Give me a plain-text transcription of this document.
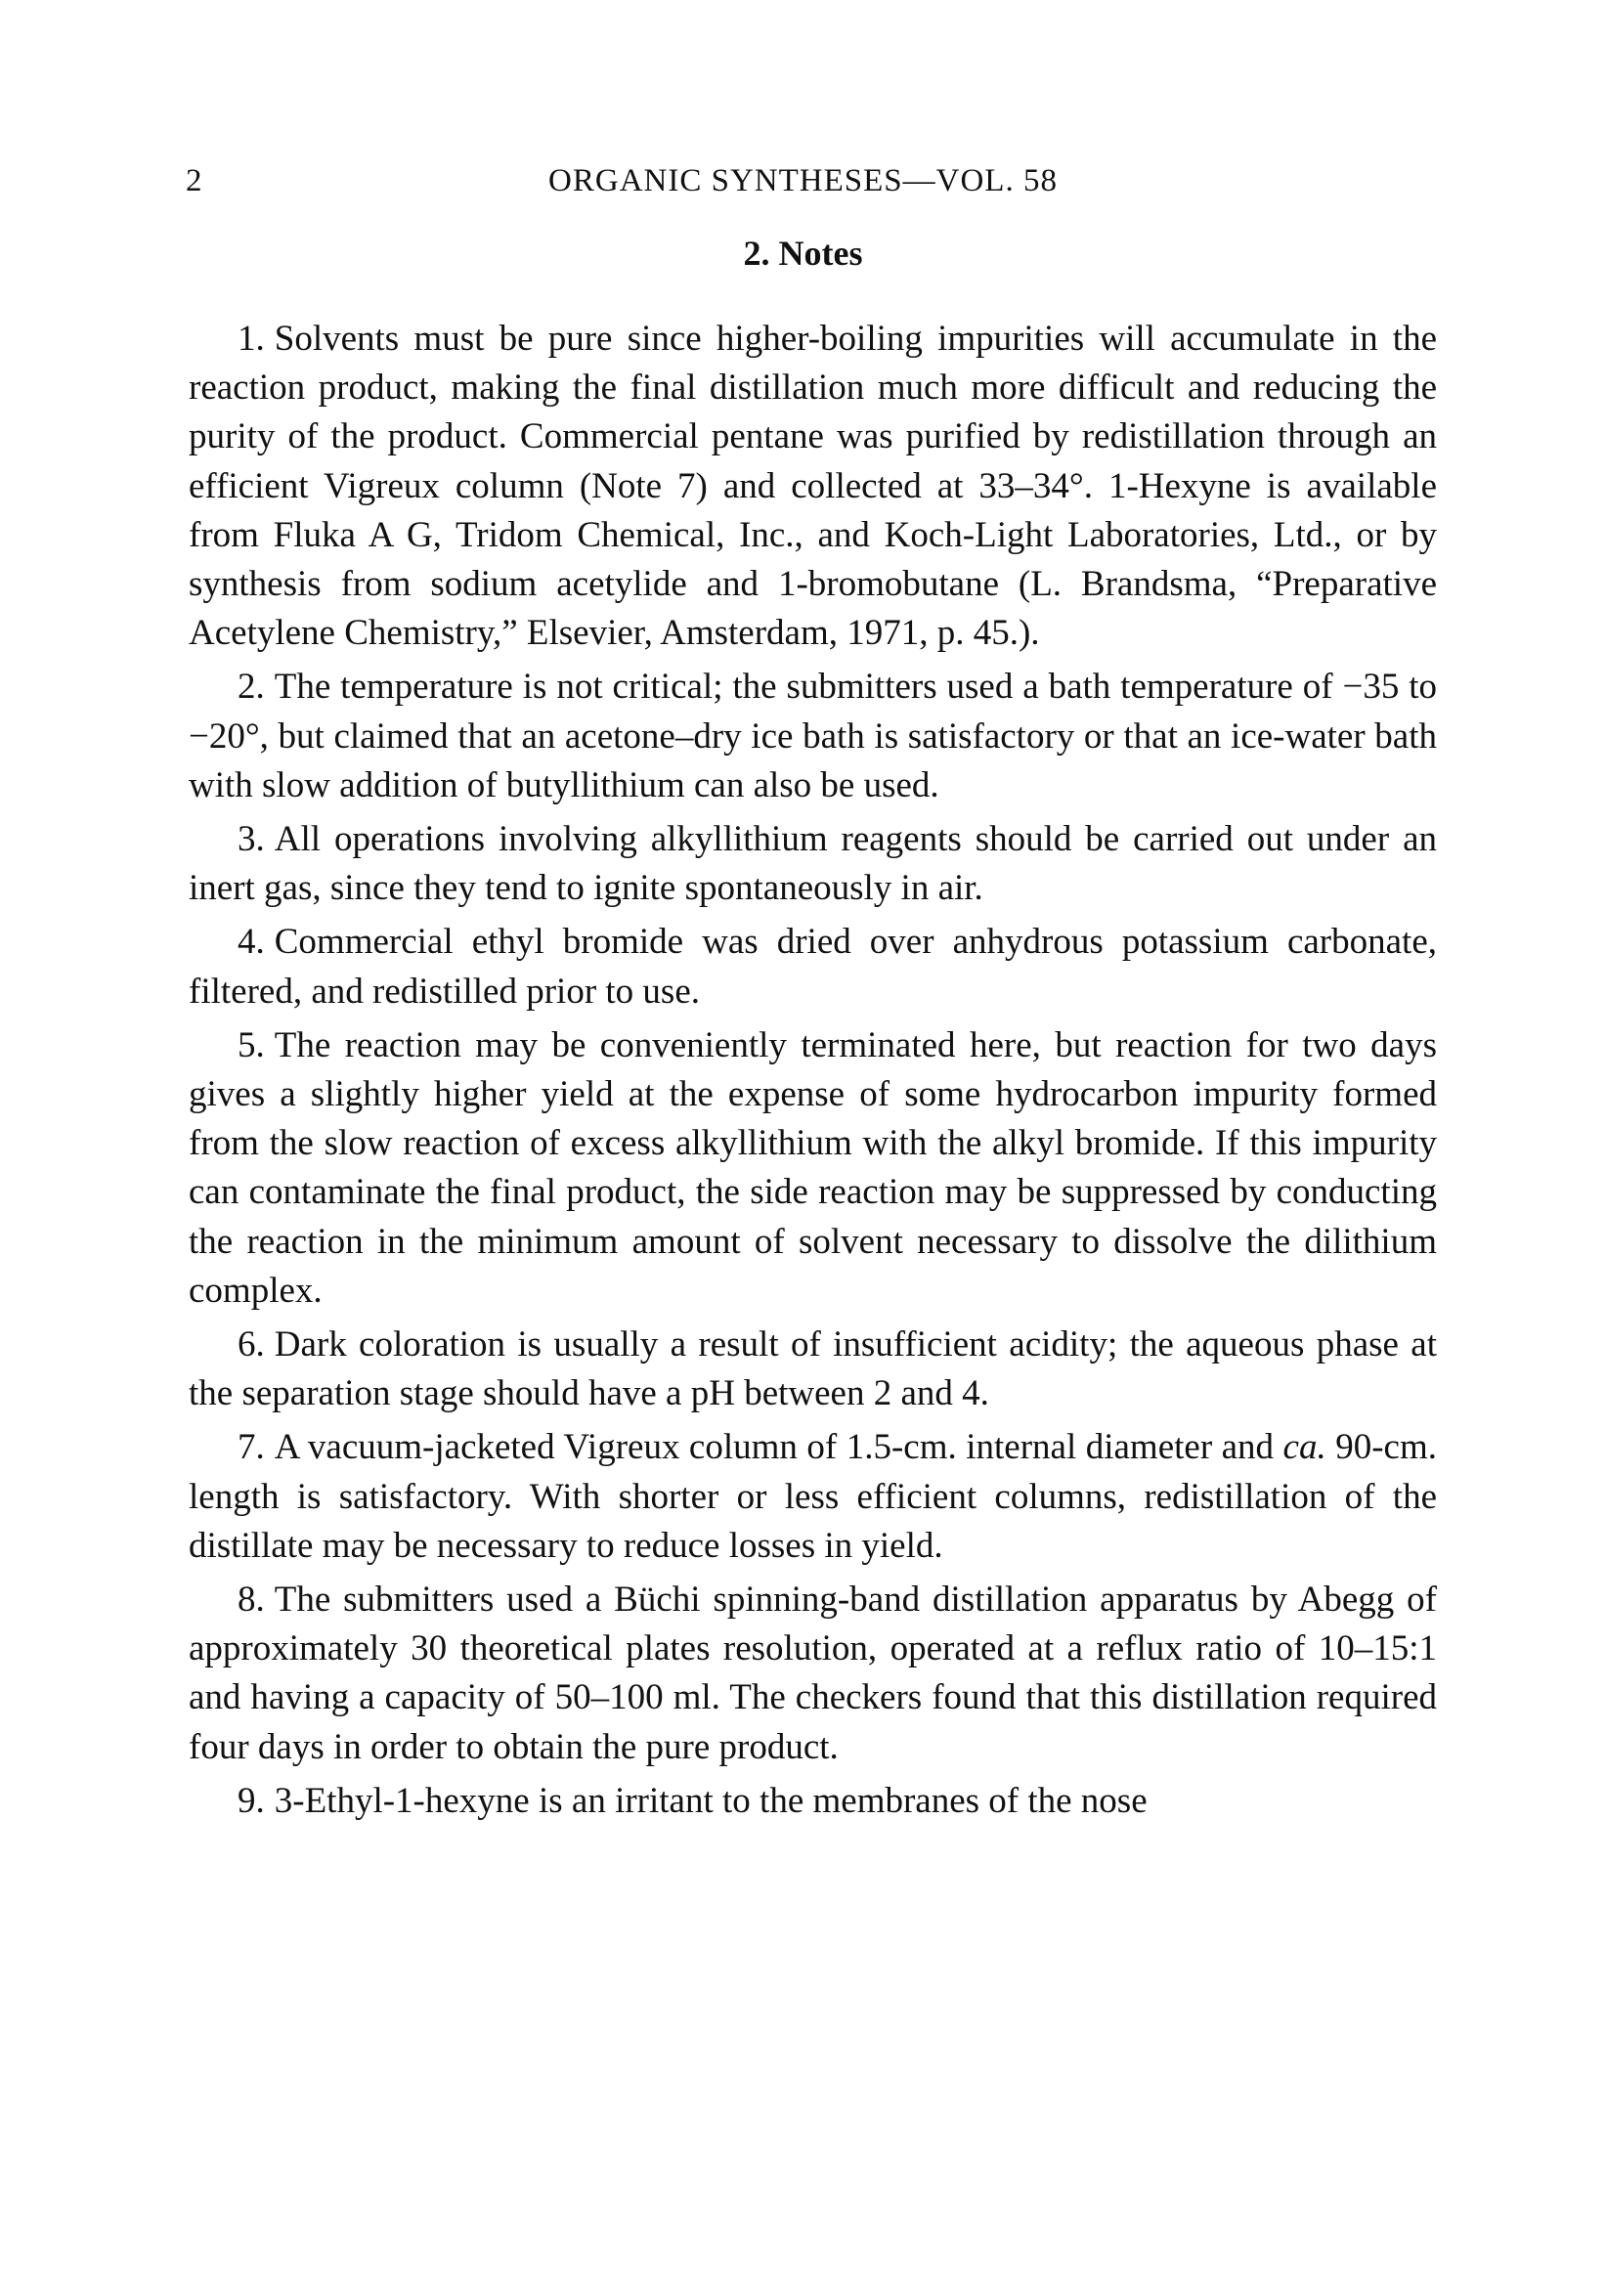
2	ORGANIC SYNTHESES—VOL. 58
2. Notes

1. Solvents must be pure since higher-boiling impurities will accumulate in the reaction product, making the final distillation much more difficult and reducing the purity of the product. Commercial pentane was purified by redistillation through an efficient Vigreux column (Note 7) and collected at 33–34°. 1-Hexyne is available from Fluka A G, Tridom Chemical, Inc., and Koch-Light Laboratories, Ltd., or by synthesis from sodium acetylide and 1-bromobutane (L. Brandsma, “Preparative Acetylene Chemistry,” Elsevier, Amsterdam, 1971, p. 45.).

2. The temperature is not critical; the submitters used a bath temperature of −35 to −20°, but claimed that an acetone–dry ice bath is satisfactory or that an ice-water bath with slow addition of butyllithium can also be used.

3. All operations involving alkyllithium reagents should be carried out under an inert gas, since they tend to ignite spontaneously in air.

4. Commercial ethyl bromide was dried over anhydrous potassium carbonate, filtered, and redistilled prior to use.

5. The reaction may be conveniently terminated here, but reaction for two days gives a slightly higher yield at the expense of some hydrocarbon impurity formed from the slow reaction of excess alkyllithium with the alkyl bromide. If this impurity can contaminate the final product, the side reaction may be suppressed by conducting the reaction in the minimum amount of solvent necessary to dissolve the dilithium complex.

6. Dark coloration is usually a result of insufficient acidity; the aqueous phase at the separation stage should have a pH between 2 and 4.

7. A vacuum-jacketed Vigreux column of 1.5-cm. internal diameter and ca. 90-cm. length is satisfactory. With shorter or less efficient columns, redistillation of the distillate may be necessary to reduce losses in yield.

8. The submitters used a Büchi spinning-band distillation apparatus by Abegg of approximately 30 theoretical plates resolution, operated at a reflux ratio of 10–15:1 and having a capacity of 50–100 ml. The checkers found that this distillation required four days in order to obtain the pure product.

9. 3-Ethyl-1-hexyne is an irritant to the membranes of the nose
